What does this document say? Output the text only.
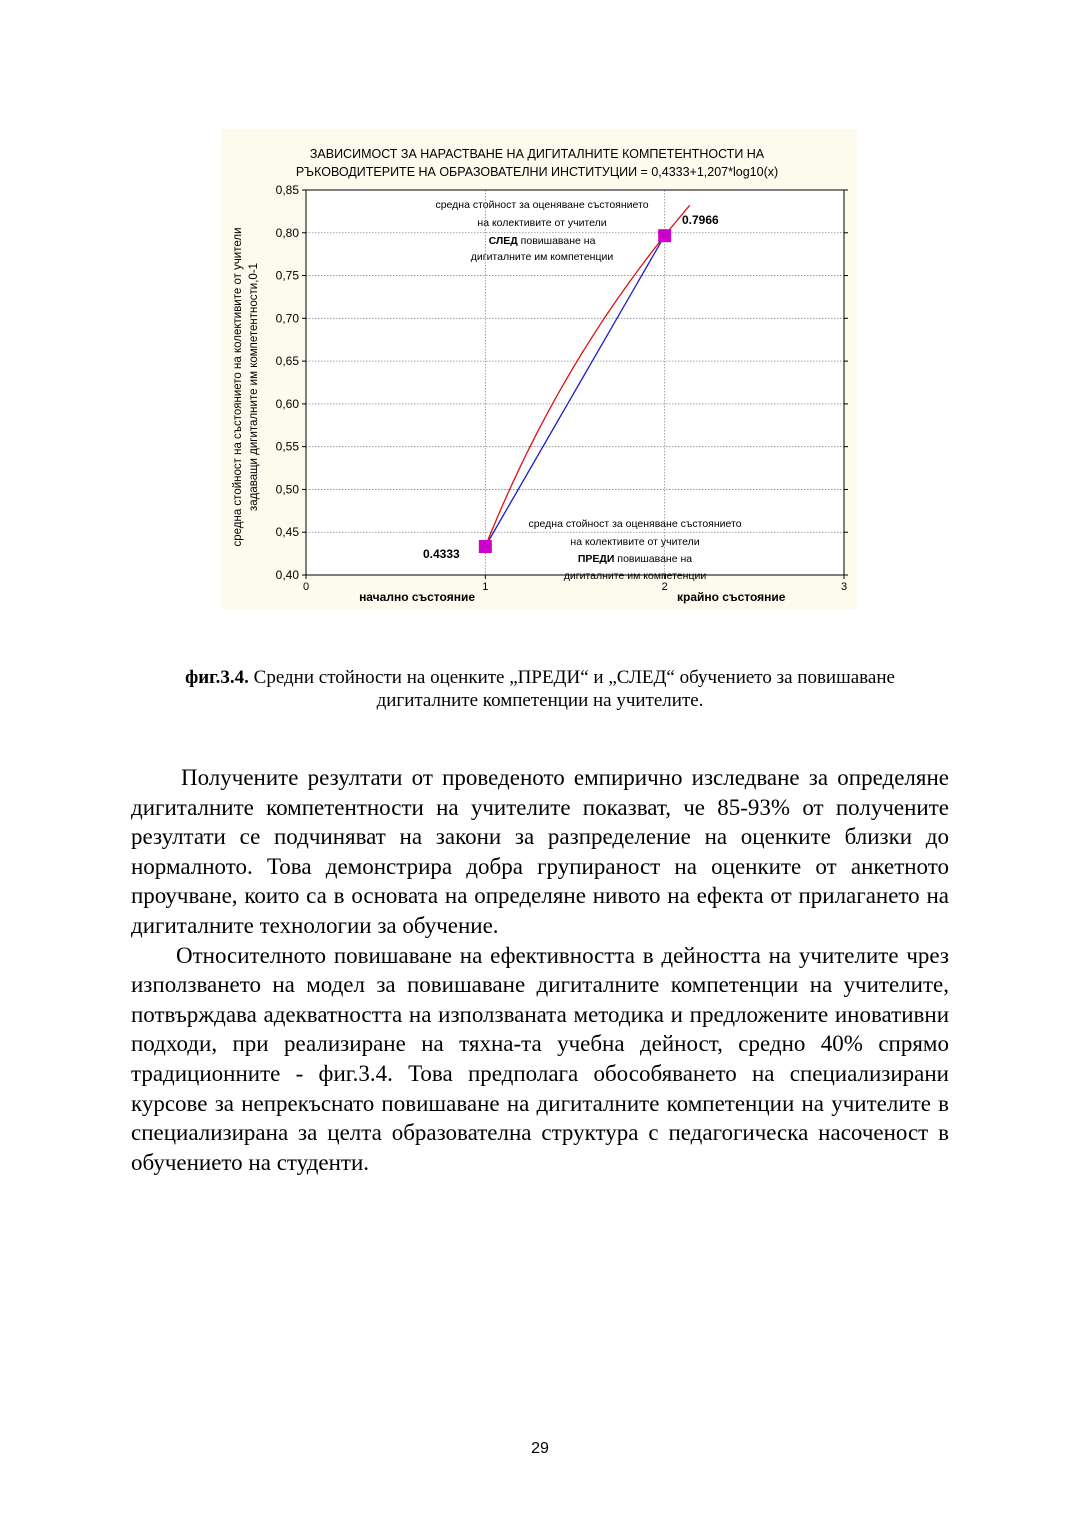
ЗАВИСИМОСТ ЗА НАРАСТВАНЕ НА ДИГИТАЛНИТЕ КОМПЕТЕНТНОСТИ НА
РЪКОВОДИТЕРИТЕ НА ОБРАЗОВАТЕЛНИ ИНСТИТУЦИИ = 0,4333+1,207*log10(x)
средна стойност на състоянието на колективите от учители задаващи дигиталните им компетентности,0-1
0,40
0,45
0,50
0,55
0,60
0,65
0,70
0,75
0,80
0,85
0	1	2	3
0.7966
0.4333
средна стойност за оценяване състоянието
на колективите от учители
СЛЕД повишаване на
дигиталните им компетенции
средна стойност за оценяване състоянието
на колективите от учители
ПРЕДИ повишаване на
дигиталните им компетенции
начално състояние	крайно състояние
фиг.3.4. Средни стойности на оценките „ПРЕДИ“ и „СЛЕД“ обучението за повишаване
дигиталните компетенции на учителите.

Получените резултати от проведеното емпирично изследване за определяне дигиталните компетентности на учителите показват, че 85-93% от получените резултати се подчиняват на закони за разпределение на оценките близки до нормалното. Това демонстрира добра групираност на оценките от анкетното проучване, които са в основата на определяне нивото на ефекта от прилагането на дигиталните технологии за обучение.

Относителното повишаване на ефективността в дейността на учителите чрез използването на модел за повишаване дигиталните компетенции на учителите, потвърждава адекватността на използваната методика и предложените иновативни подходи, при реализиране на тяхна-та учебна дейност, средно 40% спрямо традиционните - фиг.3.4. Това предполага обособяването на специализирани курсове за непрекъснато повишаване на дигиталните компетенции на учителите в специализирана за целта образователна структура с педагогическа насоченост в обучението на студенти.

29
